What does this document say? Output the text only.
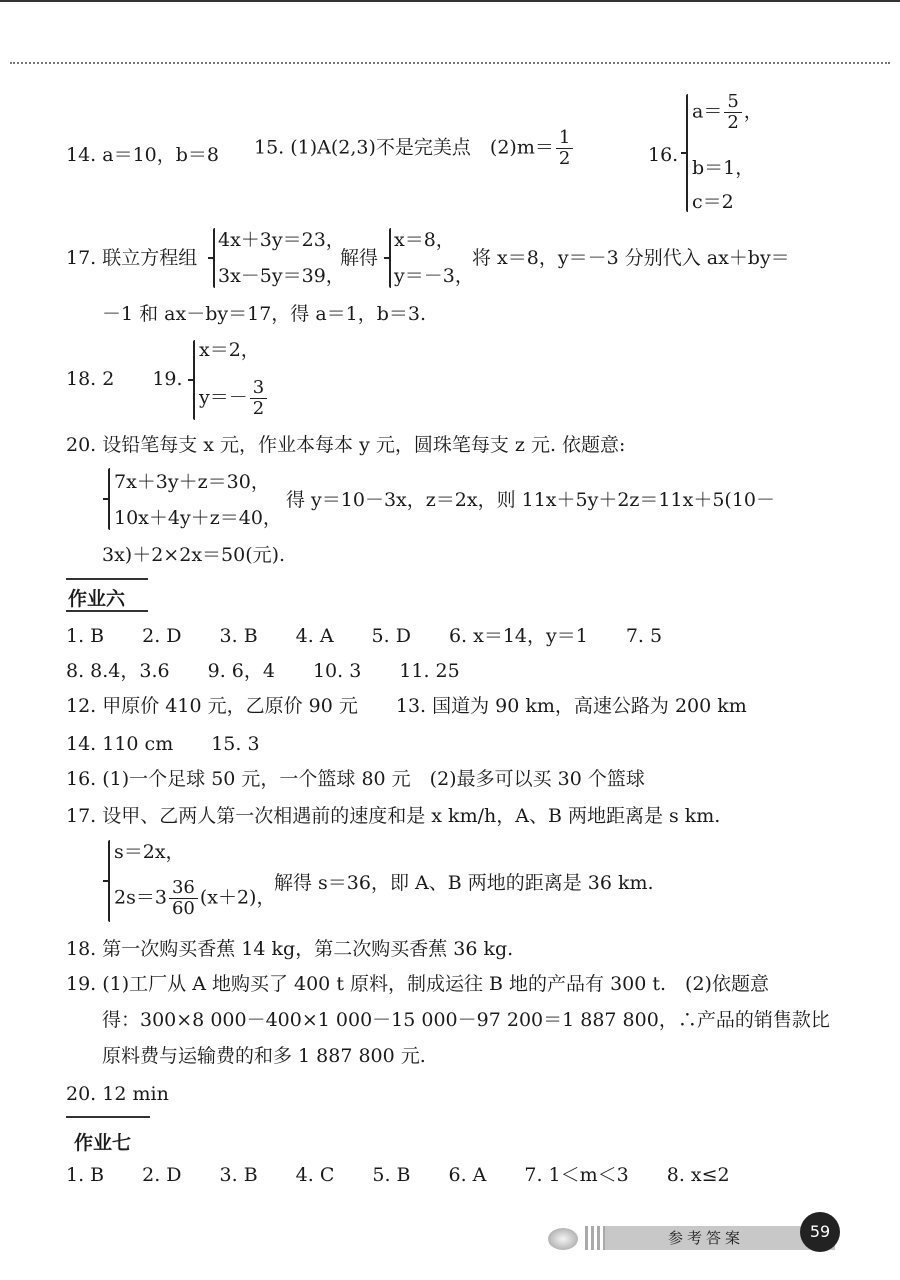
14. a＝10，b＝8 15. (1)A(2,3)不是完美点　$(2)m= \frac{1}{2}$	16.
$a= \frac{5}{2}$ ，
b＝1，
c＝2
17. 联立方程组
4x＋3y＝23，
3x－5y＝39，
解得
x＝8，
y＝－3，
将 x＝8，y＝－3 分别代入 ax＋by＝
－1 和 ax－by＝17，得 a＝1，b＝3.
18. 2　　19.
x＝2，
$y=- \frac{3}{2}$
20. 设铅笔每支 x 元，作业本每本 y 元，圆珠笔每支 z 元. 依题意:
7x＋3y＋z＝30，
10x＋4y＋z＝40，
得 y＝10－3x，z＝2x，则 11x＋5y＋2z＝11x＋5(10－
3x)＋2×2x＝50(元).
作业六
1. B　　2. D　　3. B　　4. A　　5. D　　6. x＝14，y＝1　　7. 5
8. 8.4，3.6　　9. 6，4　　10. 3　　11. 25
12. 甲原价 410 元，乙原价 90 元　　13. 国道为 90 km，高速公路为 200 km
14. 110 cm　　15. 3
16. (1)一个足球 50 元，一个篮球 80 元　(2)最多可以买 30 个篮球
17. 设甲、乙两人第一次相遇前的速度和是 x km/h，A、B 两地距离是 s km.
s＝2x，
$2s=3 \frac{36}{60} (x+2)$，
解得 s＝36，即 A、B 两地的距离是 36 km.
18. 第一次购买香蕉 14 kg，第二次购买香蕉 36 kg.
19. (1)工厂从 A 地购买了 400 t 原料，制成运往 B 地的产品有 300 t.　(2)依题意
得：300×8 000－400×1 000－15 000－97 200＝1 887 800，∴产品的销售款比
原料费与运输费的和多 1 887 800 元.
20. 12 min
作业七
1. B　　2. D　　3. B　　4. C　　5. B　　6. A　　7. 1＜m＜3　　8. x≤2
参考答案	59
